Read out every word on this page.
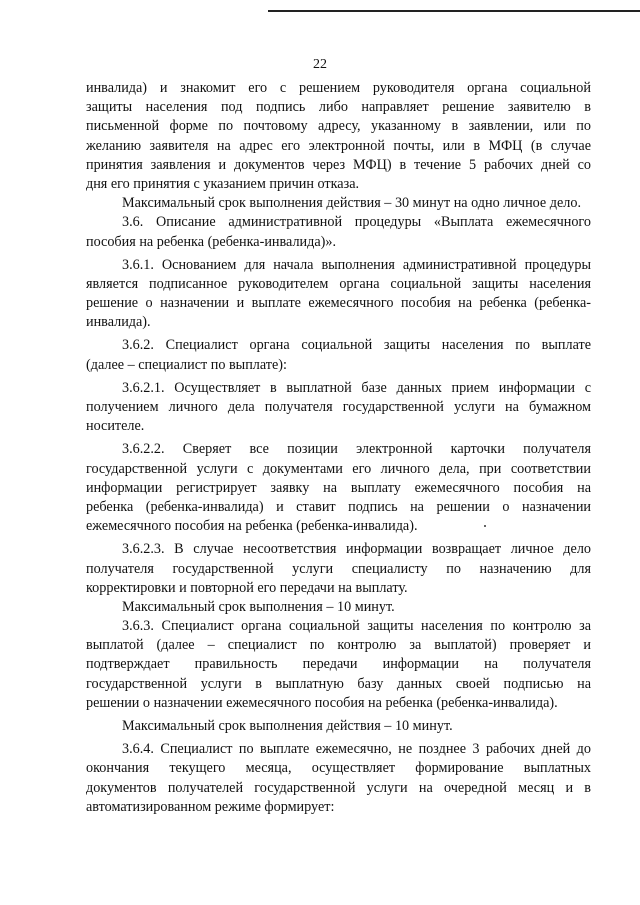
22
инвалида) и знакомит его с решением руководителя органа социальной
защиты населения под подпись либо направляет решение заявителю в
письменной форме по почтовому адресу, указанному в заявлении, или по
желанию заявителя на адрес его электронной почты, или в МФЦ (в случае
принятия заявления и документов через МФЦ) в течение 5 рабочих дней со
дня его принятия с указанием причин отказа.
Максимальный срок выполнения действия – 30 минут на одно личное дело.
3.6. Описание административной процедуры «Выплата ежемесячного
пособия на ребенка (ребенка-инвалида)».
3.6.1. Основанием для начала выполнения административной процедуры
является подписанное руководителем органа социальной защиты населения
решение о назначении и выплате ежемесячного пособия на ребенка (ребенка-
инвалида).
3.6.2. Специалист органа социальной защиты населения по выплате
(далее – специалист по выплате):
3.6.2.1. Осуществляет в выплатной базе данных прием информации с
получением личного дела получателя государственной услуги на бумажном
носителе.
3.6.2.2. Сверяет все позиции электронной карточки получателя
государственной услуги с документами его личного дела, при соответствии
информации регистрирует заявку на выплату ежемесячного пособия на
ребенка (ребенка-инвалида) и ставит подпись на решении о назначении
ежемесячного пособия на ребенка (ребенка-инвалида).
3.6.2.3. В случае несоответствия информации возвращает личное дело
получателя государственной услуги специалисту по назначению для
корректировки и повторной его передачи на выплату.
Максимальный срок выполнения – 10 минут.
3.6.3. Специалист органа социальной защиты населения по контролю за
выплатой (далее – специалист по контролю за выплатой) проверяет и
подтверждает правильность передачи информации на получателя
государственной услуги в выплатную базу данных своей подписью на
решении о назначении ежемесячного пособия на ребенка (ребенка-инвалида).
Максимальный срок выполнения действия – 10 минут.
3.6.4. Специалист по выплате ежемесячно, не позднее 3 рабочих дней до
окончания текущего месяца, осуществляет формирование выплатных
документов получателей государственной услуги на очередной месяц и в
автоматизированном режиме формирует:
